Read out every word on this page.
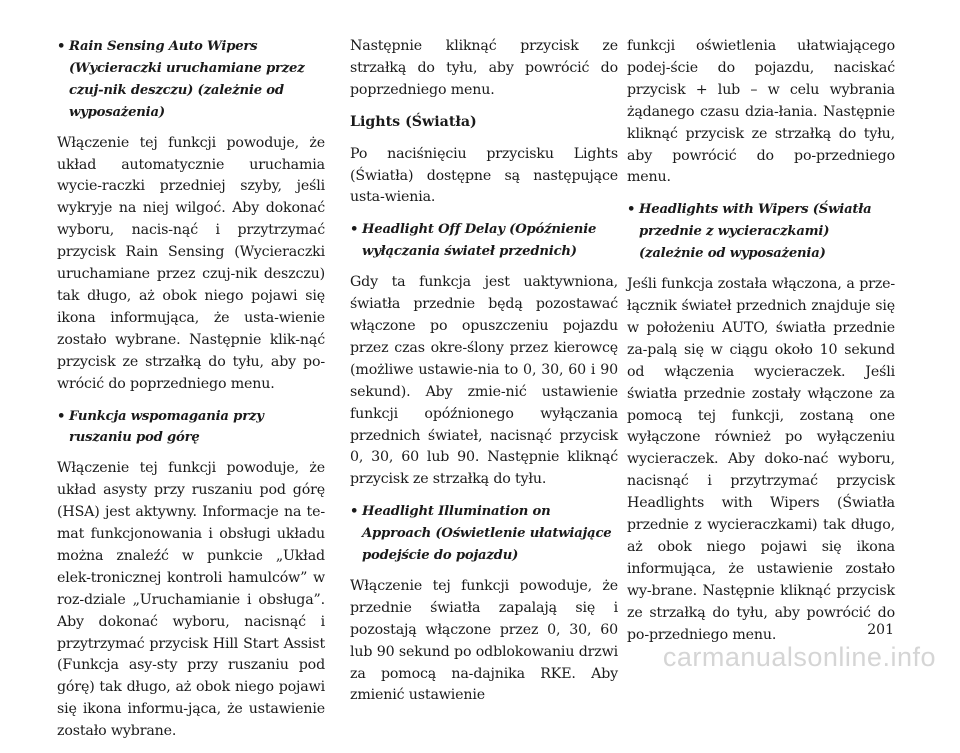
• Rain Sensing Auto Wipers (Wycieraczki uruchamiane przez czuj-nik deszczu) (zależnie od wyposażenia)

Włączenie tej funkcji powoduje, że układ automatycznie uruchamia wycie-raczki przedniej szyby, jeśli wykryje na niej wilgoć. Aby dokonać wyboru, nacis-nąć i przytrzymać przycisk Rain Sensing (Wycieraczki uruchamiane przez czuj-nik deszczu) tak długo, aż obok niego pojawi się ikona informująca, że usta-wienie zostało wybrane. Następnie klik-nąć przycisk ze strzałką do tyłu, aby po-wrócić do poprzedniego menu.

• Funkcja wspomagania przy ruszaniu pod górę

Włączenie tej funkcji powoduje, że układ asysty przy ruszaniu pod górę (HSA) jest aktywny. Informacje na te-mat funkcjonowania i obsługi układu można znaleźć w punkcie „Układ elek-tronicznej kontroli hamulców” w roz-dziale „Uruchamianie i obsługa”. Aby dokonać wyboru, nacisnąć i przytrzymać przycisk Hill Start Assist (Funkcja asy-sty przy ruszaniu pod górę) tak długo, aż obok niego pojawi się ikona informu-jąca, że ustawienie zostało wybrane.

Następnie kliknąć przycisk ze strzałką do tyłu, aby powrócić do poprzedniego menu.

Lights (Światła)

Po naciśnięciu przycisku Lights (Światła) dostępne są następujące usta-wienia.

• Headlight Off Delay (Opóźnienie wyłączania świateł przednich)

Gdy ta funkcja jest uaktywniona, światła przednie będą pozostawać włączone po opuszczeniu pojazdu przez czas okre-ślony przez kierowcę (możliwe ustawie-nia to 0, 30, 60 i 90 sekund). Aby zmie-nić ustawienie funkcji opóźnionego wyłączania przednich świateł, nacisnąć przycisk 0, 30, 60 lub 90. Następnie kliknąć przycisk ze strzałką do tyłu.

• Headlight Illumination on Approach (Oświetlenie ułatwiające podejście do pojazdu)

Włączenie tej funkcji powoduje, że przednie światła zapalają się i pozostają włączone przez 0, 30, 60 lub 90 sekund po odblokowaniu drzwi za pomocą na-dajnika RKE. Aby zmienić ustawienie

funkcji oświetlenia ułatwiającego podej-ście do pojazdu, naciskać przycisk + lub – w celu wybrania żądanego czasu dzia-łania. Następnie kliknąć przycisk ze strzałką do tyłu, aby powrócić do po-przedniego menu.

• Headlights with Wipers (Światła przednie z wycieraczkami) (zależnie od wyposażenia)

Jeśli funkcja została włączona, a prze-łącznik świateł przednich znajduje się w położeniu AUTO, światła przednie za-palą się w ciągu około 10 sekund od włączenia wycieraczek. Jeśli światła przednie zostały włączone za pomocą tej funkcji, zostaną one wyłączone również po wyłączeniu wycieraczek. Aby doko-nać wyboru, nacisnąć i przytrzymać przycisk Headlights with Wipers (Światła przednie z wycieraczkami) tak długo, aż obok niego pojawi się ikona informująca, że ustawienie zostało wy-brane. Następnie kliknąć przycisk ze strzałką do tyłu, aby powrócić do po-przedniego menu.	201
carmanualsonline.info
